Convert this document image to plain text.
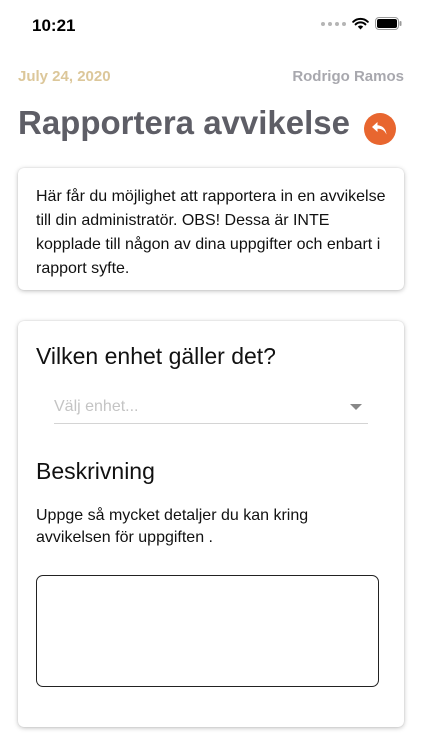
10:21
July 24, 2020	Rodrigo Ramos
Rapportera avvikelse

Här får du möjlighet att rapportera in en avvikelse till din administratör. OBS! Dessa är INTE kopplade till någon av dina uppgifter och enbart i rapport syfte.

Vilken enhet gäller det?
Välj enhet...
Beskrivning
Uppge så mycket detaljer du kan kring avvikelsen för uppgiften .
